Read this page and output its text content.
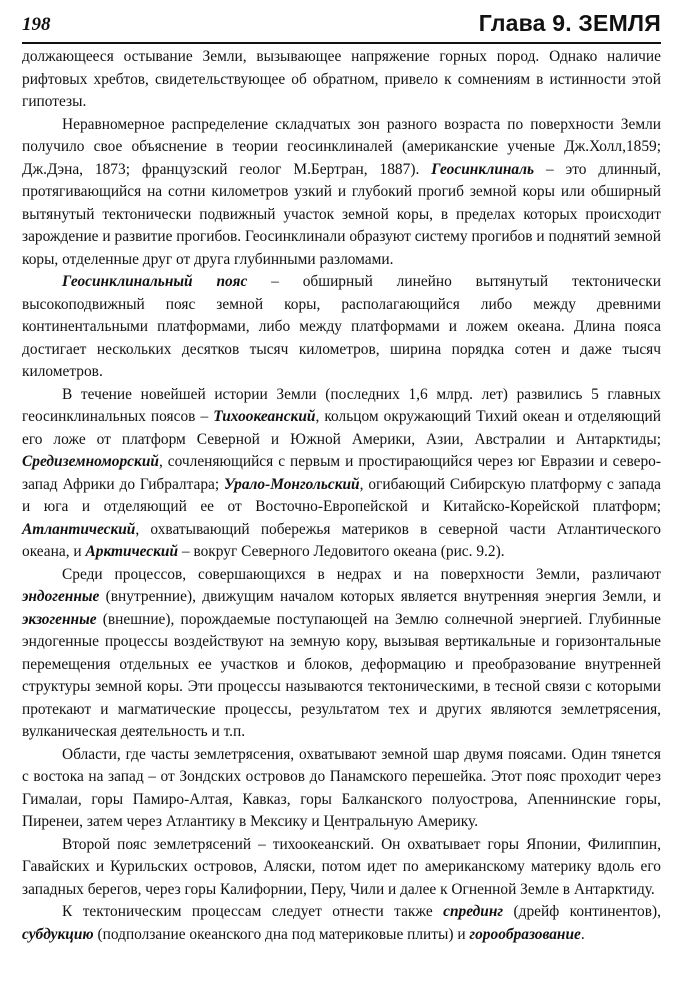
198	Глава 9. ЗЕМЛЯ

должающееся остывание Земли, вызывающее напряжение горных пород. Однако наличие рифтовых хребтов, свидетельствующее об обратном, привело к сомнениям в истинности этой гипотезы.

Неравномерное распределение складчатых зон разного возраста по поверхности Земли получило свое объяснение в теории геосинклиналей (американские ученые Дж.Холл,1859; Дж.Дэна, 1873; французский геолог М.Бертран, 1887). Геосинклиналь – это длинный, протягивающийся на сотни километров узкий и глубокий прогиб земной коры или обширный вытянутый тектонически подвижный участок земной коры, в пределах которых происходит зарождение и развитие прогибов. Геосинклинали образуют систему прогибов и поднятий земной коры, отделенные друг от друга глубинными разломами.

Геосинклинальный пояс – обширный линейно вытянутый тектонически высокоподвижный пояс земной коры, располагающийся либо между древними континентальными платформами, либо между платформами и ложем океана. Длина пояса достигает нескольких десятков тысяч километров, ширина порядка сотен и даже тысяч километров.

В течение новейшей истории Земли (последних 1,6 млрд. лет) развились 5 главных геосинклинальных поясов – Тихоокеанский, кольцом окружающий Тихий океан и отделяющий его ложе от платформ Северной и Южной Америки, Азии, Австралии и Антарктиды; Средиземноморский, сочленяющийся с первым и простирающийся через юг Евразии и северо-запад Африки до Гибралтара; Урало-Монгольский, огибающий Сибирскую платформу с запада и юга и отделяющий ее от Восточно-Европейской и Китайско-Корейской платформ; Атлантический, охватывающий побережья материков в северной части Атлантического океана, и Арктический – вокруг Северного Ледовитого океана (рис. 9.2).

Среди процессов, совершающихся в недрах и на поверхности Земли, различают эндогенные (внутренние), движущим началом которых является внутренняя энергия Земли, и экзогенные (внешние), порождаемые поступающей на Землю солнечной энергией. Глубинные эндогенные процессы воздействуют на земную кору, вызывая вертикальные и горизонтальные перемещения отдельных ее участков и блоков, деформацию и преобразование внутренней структуры земной коры. Эти процессы называются тектоническими, в тесной связи с которыми протекают и магматические процессы, результатом тех и других являются землетрясения, вулканическая деятельность и т.п.

Области, где часты землетрясения, охватывают земной шар двумя поясами. Один тянется с востока на запад – от Зондских островов до Панамского перешейка. Этот пояс проходит через Гималаи, горы Памиро-Алтая, Кавказ, горы Балканского полуострова, Апеннинские горы, Пиренеи, затем через Атлантику в Мексику и Центральную Америку.

Второй пояс землетрясений – тихоокеанский. Он охватывает горы Японии, Филиппин, Гавайских и Курильских островов, Аляски, потом идет по американскому материку вдоль его западных берегов, через горы Калифорнии, Перу, Чили и далее к Огненной Земле в Антарктиду.

К тектоническим процессам следует отнести также спрединг (дрейф континентов), субдукцию (подползание океанского дна под материковые плиты) и горообразование.
